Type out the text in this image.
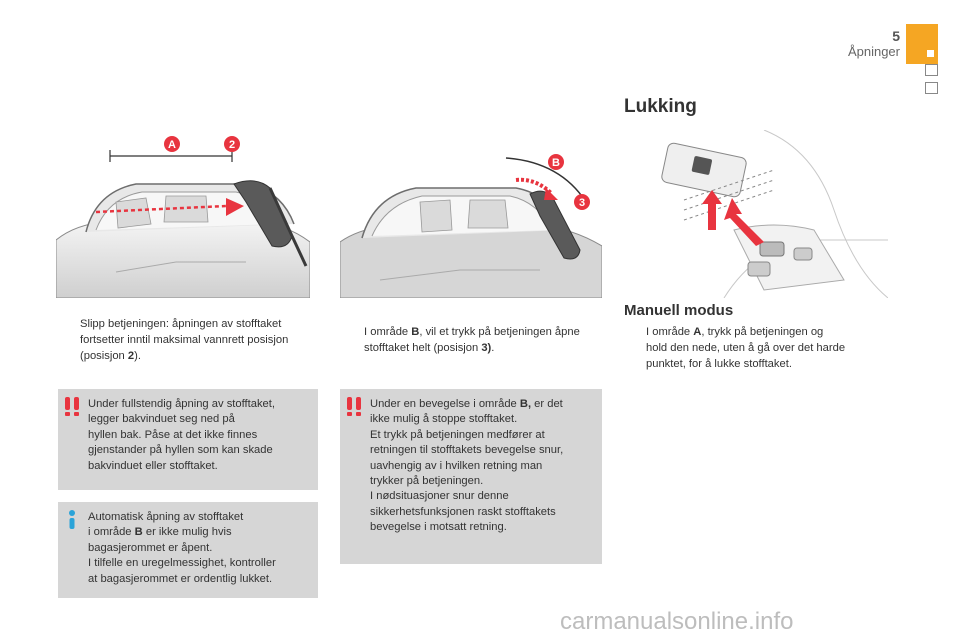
5
Åpninger
Lukking
Manuell modus
A	2
B
3
Slipp betjeningen: åpningen av stofftaket
fortsetter inntil maksimal vannrett posisjon
(posisjon 2).
I område B, vil et trykk på betjeningen åpne
stofftaket helt (posisjon 3).
I område A, trykk på betjeningen og
hold den nede, uten å gå over det harde
punktet, for å lukke stofftaket.
Under fullstendig åpning av stofftaket,
legger bakvinduet seg ned på
hyllen bak. Påse at det ikke finnes
gjenstander på hyllen som kan skade
bakvinduet eller stofftaket.
Automatisk åpning av stofftaket
i område B er ikke mulig hvis
bagasjerommet er åpent.
I tilfelle en uregelmessighet, kontroller
at bagasjerommet er ordentlig lukket.
Under en bevegelse i område B, er det
ikke mulig å stoppe stofftaket.
Et trykk på betjeningen medfører at
retningen til stofftakets bevegelse snur,
uavhengig av i hvilken retning man
trykker på betjeningen.
I nødsituasjoner snur denne
sikkerhetsfunksjonen raskt stofftakets
bevegelse i motsatt retning.
carmanualsonline.info
